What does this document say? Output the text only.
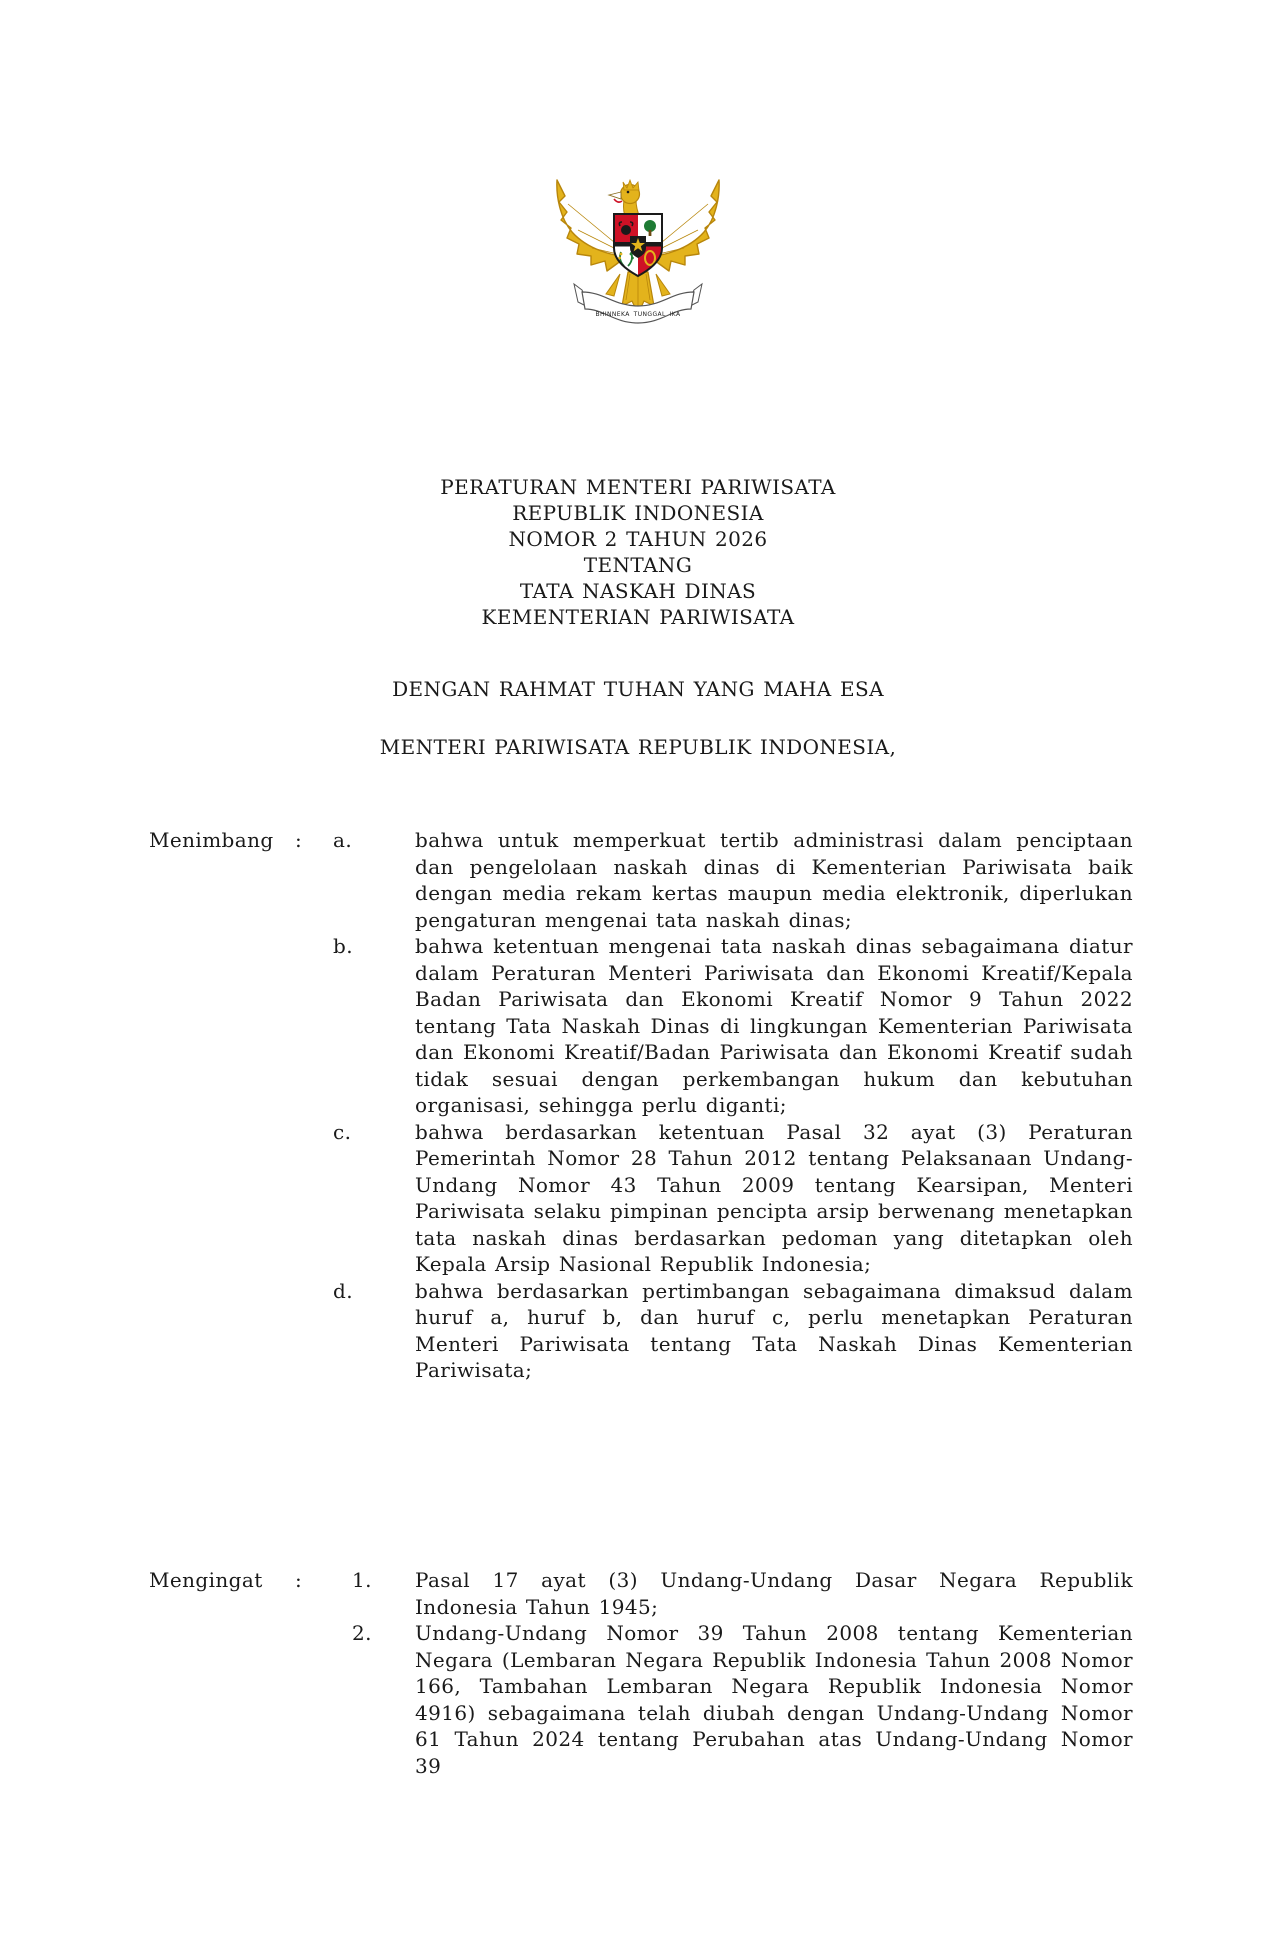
BHINNEKA TUNGGAL IKA
PERATURAN MENTERI PARIWISATA
REPUBLIK INDONESIA
NOMOR 2 TAHUN 2026
TENTANG
TATA NASKAH DINAS
KEMENTERIAN PARIWISATA
DENGAN RAHMAT TUHAN YANG MAHA ESA
MENTERI PARIWISATA REPUBLIK INDONESIA,
Menimbang	:	a.	bahwa untuk memperkuat tertib administrasi dalam penciptaan dan pengelolaan naskah dinas di Kementerian Pariwisata baik dengan media rekam kertas maupun media elektronik, diperlukan pengaturan mengenai tata naskah dinas;
b.	bahwa ketentuan mengenai tata naskah dinas sebagaimana diatur dalam Peraturan Menteri Pariwisata dan Ekonomi Kreatif/Kepala Badan Pariwisata dan Ekonomi Kreatif Nomor 9 Tahun 2022 tentang Tata Naskah Dinas di lingkungan Kementerian Pariwisata dan Ekonomi Kreatif/Badan Pariwisata dan Ekonomi Kreatif sudah tidak sesuai dengan perkembangan hukum dan kebutuhan organisasi, sehingga perlu diganti;
c.	bahwa berdasarkan ketentuan Pasal 32 ayat (3) Peraturan Pemerintah Nomor 28 Tahun 2012 tentang Pelaksanaan Undang-Undang Nomor 43 Tahun 2009 tentang Kearsipan, Menteri Pariwisata selaku pimpinan pencipta arsip berwenang menetapkan tata naskah dinas berdasarkan pedoman yang ditetapkan oleh Kepala Arsip Nasional Republik Indonesia;
d.	bahwa berdasarkan pertimbangan sebagaimana dimaksud dalam huruf a, huruf b, dan huruf c, perlu menetapkan Peraturan Menteri Pariwisata tentang Tata Naskah Dinas Kementerian Pariwisata;
Mengingat	:	1.	Pasal 17 ayat (3) Undang-Undang Dasar Negara Republik Indonesia Tahun 1945;
2.	Undang-Undang Nomor 39 Tahun 2008 tentang Kementerian Negara (Lembaran Negara Republik Indonesia Tahun 2008 Nomor 166, Tambahan Lembaran Negara Republik Indonesia Nomor 4916) sebagaimana telah diubah dengan Undang-Undang Nomor 61 Tahun 2024 tentang Perubahan atas Undang-Undang Nomor 39
